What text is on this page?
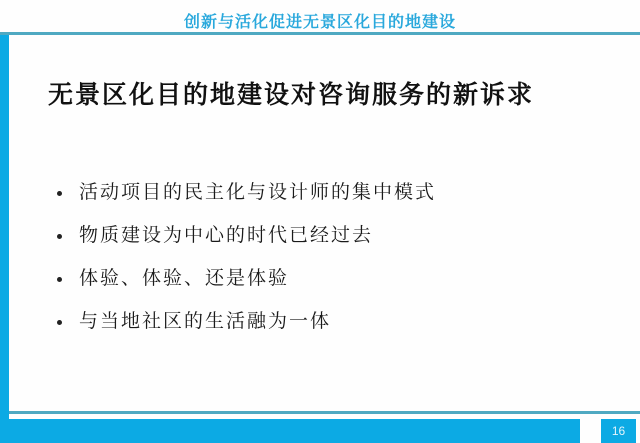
创新与活化促进无景区化目的地建设
无景区化目的地建设对咨询服务的新诉求
活动项目的民主化与设计师的集中模式
物质建设为中心的时代已经过去
体验、体验、还是体验
与当地社区的生活融为一体
16
